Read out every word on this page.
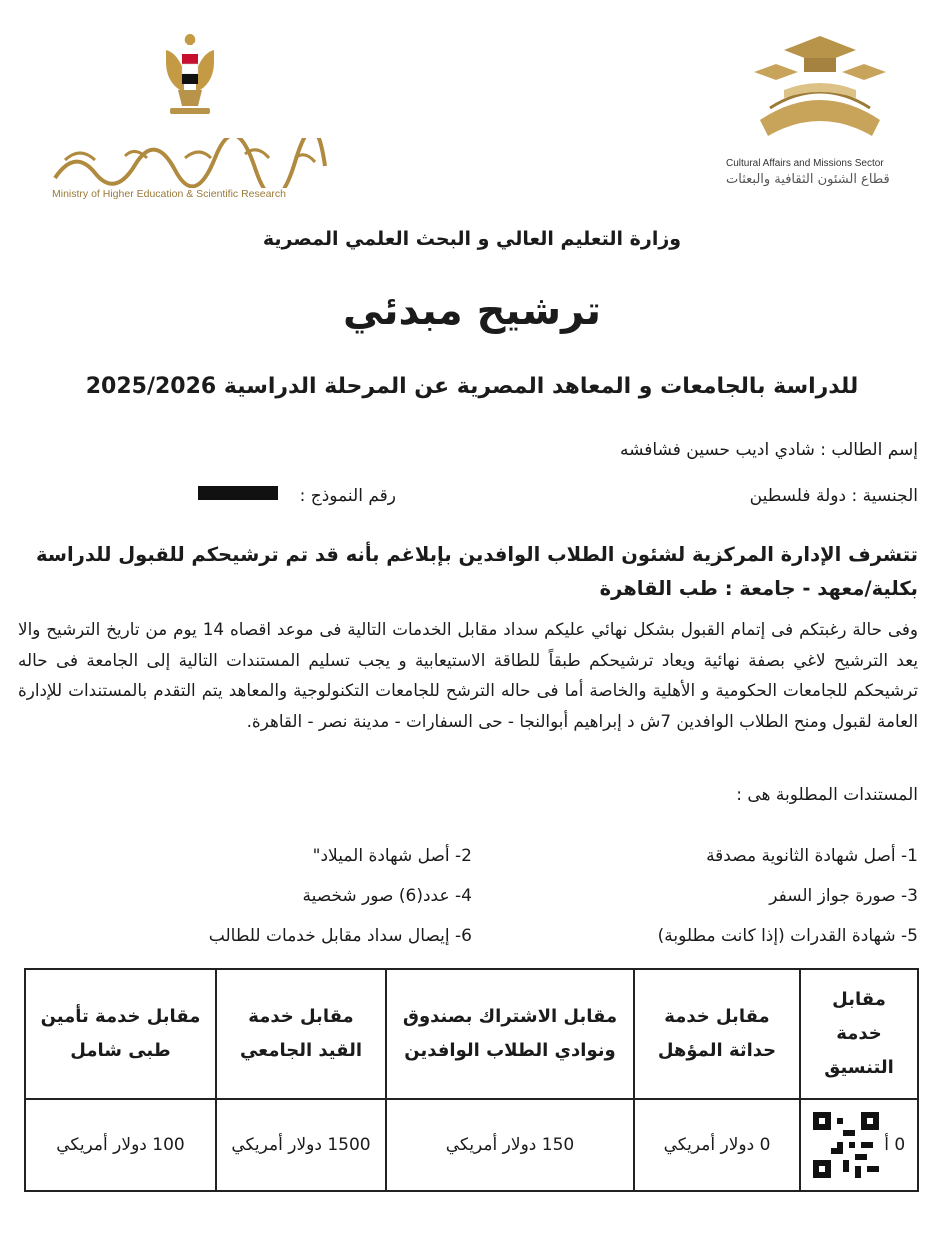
Ministry of Higher Education & Scientific Research
Cultural Affairs and Missions Sector
قطاع الشئون الثقافية والبعثات
وزارة التعليم العالي و البحث العلمي المصرية
ترشيح مبدئي
للدراسة بالجامعات و المعاهد المصرية عن المرحلة الدراسية 2025/2026
إسم الطالب : شادي اديب حسين فشافشه
الجنسية : دولة فلسطين
رقم النموذج :
تتشرف الإدارة المركزية لشئون الطلاب الوافدين بإبلاغم بأنه قد تم ترشيحكم للقبول للدراسة
بكلية/معهد - جامعة : طب القاهرة
وفى حالة رغبتكم فى إتمام القبول بشكل نهائي عليكم سداد مقابل الخدمات التالية فى موعد اقصاه 14 يوم من تاريخ الترشيح والا يعد الترشيح لاغي بصفة نهائية ويعاد ترشيحكم طبقاً للطاقة الاستيعابية و يجب تسليم المستندات التالية إلى الجامعة فى حاله ترشيحكم للجامعات الحكومية و الأهلية والخاصة أما فى حاله الترشح للجامعات التكنولوجية والمعاهد يتم التقدم بالمستندات للإدارة العامة لقبول ومنح الطلاب الوافدين 7ش د إبراهيم أبوالنجا - حى السفارات - مدينة نصر - القاهرة.
المستندات المطلوبة هى :
1- أصل شهادة الثانوية مصدقة
2- أصل شهادة الميلاد"
3- صورة جواز السفر
4- عدد(6) صور شخصية
5- شهادة القدرات (إذا كانت مطلوبة)
6- إيصال سداد مقابل خدمات للطالب
مقابل خدمة التنسيق	مقابل خدمة حداثة المؤهل	مقابل الاشتراك بصندوق ونوادي الطلاب الوافدين	مقابل خدمة القيد الجامعي	مقابل خدمة تأمين طبى شامل
0 أ	0 دولار أمريكي	150 دولار أمريكي	1500 دولار أمريكي	100 دولار أمريكي
